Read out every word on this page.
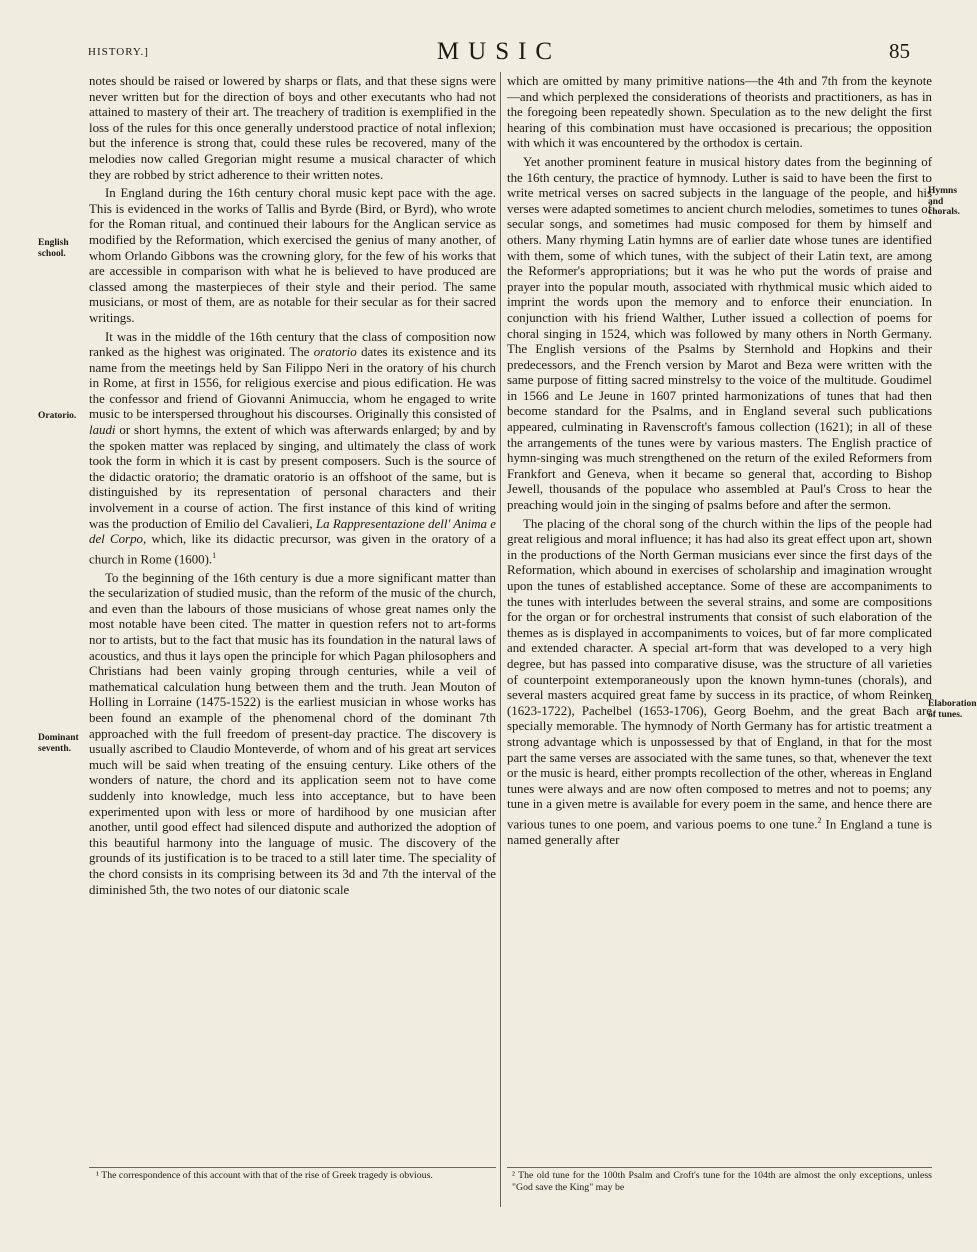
HISTORY.]	MUSIC	85
English school.
Oratorio.
Dominant seventh.
Hymns and chorals.
Elaboration of tunes.

notes should be raised or lowered by sharps or flats, and that these signs were never written but for the direction of boys and other executants who had not attained to mastery of their art. The treachery of tradition is exemplified in the loss of the rules for this once generally understood practice of notal inflexion; but the inference is strong that, could these rules be recovered, many of the melodies now called Gregorian might resume a musical character of which they are robbed by strict adherence to their written notes.

In England during the 16th century choral music kept pace with the age. This is evidenced in the works of Tallis and Byrde (Bird, or Byrd), who wrote for the Roman ritual, and continued their labours for the Anglican service as modified by the Reformation, which exercised the genius of many another, of whom Orlando Gibbons was the crowning glory, for the few of his works that are accessible in comparison with what he is believed to have produced are classed among the masterpieces of their style and their period. The same musicians, or most of them, are as notable for their secular as for their sacred writings.

It was in the middle of the 16th century that the class of composition now ranked as the highest was originated. The oratorio dates its existence and its name from the meetings held by San Filippo Neri in the oratory of his church in Rome, at first in 1556, for religious exercise and pious edification. He was the confessor and friend of Giovanni Animuccia, whom he engaged to write music to be interspersed throughout his discourses. Originally this consisted of laudi or short hymns, the extent of which was afterwards enlarged; by and by the spoken matter was replaced by singing, and ultimately the class of work took the form in which it is cast by present composers. Such is the source of the didactic oratorio; the dramatic oratorio is an offshoot of the same, but is distinguished by its representation of personal characters and their involvement in a course of action. The first instance of this kind of writing was the production of Emilio del Cavalieri, La Rappresentazione dell' Anima e del Corpo, which, like its didactic precursor, was given in the oratory of a church in Rome (1600).$^1$

To the beginning of the 16th century is due a more significant matter than the secularization of studied music, than the reform of the music of the church, and even than the labours of those musicians of whose great names only the most notable have been cited. The matter in question refers not to art-forms nor to artists, but to the fact that music has its foundation in the natural laws of acoustics, and thus it lays open the principle for which Pagan philosophers and Christians had been vainly groping through centuries, while a veil of mathematical calculation hung between them and the truth. Jean Mouton of Holling in Lorraine (1475-1522) is the earliest musician in whose works has been found an example of the phenomenal chord of the dominant 7th approached with the full freedom of present-day practice. The discovery is usually ascribed to Claudio Monteverde, of whom and of his great art services much will be said when treating of the ensuing century. Like others of the wonders of nature, the chord and its application seem not to have come suddenly into knowledge, much less into acceptance, but to have been experimented upon with less or more of hardihood by one musician after another, until good effect had silenced dispute and authorized the adoption of this beautiful harmony into the language of music. The discovery of the grounds of its justification is to be traced to a still later time. The speciality of the chord consists in its comprising between its 3d and 7th the interval of the diminished 5th, the two notes of our diatonic scale

which are omitted by many primitive nations—the 4th and 7th from the keynote—and which perplexed the considerations of theorists and practitioners, as has in the foregoing been repeatedly shown. Speculation as to the new delight the first hearing of this combination must have occasioned is precarious; the opposition with which it was encountered by the orthodox is certain.

Yet another prominent feature in musical history dates from the beginning of the 16th century, the practice of hymnody. Luther is said to have been the first to write metrical verses on sacred subjects in the language of the people, and his verses were adapted sometimes to ancient church melodies, sometimes to tunes of secular songs, and sometimes had music composed for them by himself and others. Many rhyming Latin hymns are of earlier date whose tunes are identified with them, some of which tunes, with the subject of their Latin text, are among the Reformer's appropriations; but it was he who put the words of praise and prayer into the popular mouth, associated with rhythmical music which aided to imprint the words upon the memory and to enforce their enunciation. In conjunction with his friend Walther, Luther issued a collection of poems for choral singing in 1524, which was followed by many others in North Germany. The English versions of the Psalms by Sternhold and Hopkins and their predecessors, and the French version by Marot and Beza were written with the same purpose of fitting sacred minstrelsy to the voice of the multitude. Goudimel in 1566 and Le Jeune in 1607 printed harmonizations of tunes that had then become standard for the Psalms, and in England several such publications appeared, culminating in Ravenscroft's famous collection (1621); in all of these the arrangements of the tunes were by various masters. The English practice of hymn-singing was much strengthened on the return of the exiled Reformers from Frankfort and Geneva, when it became so general that, according to Bishop Jewell, thousands of the populace who assembled at Paul's Cross to hear the preaching would join in the singing of psalms before and after the sermon.

The placing of the choral song of the church within the lips of the people had great religious and moral influence; it has had also its great effect upon art, shown in the productions of the North German musicians ever since the first days of the Reformation, which abound in exercises of scholarship and imagination wrought upon the tunes of established acceptance. Some of these are accompaniments to the tunes with interludes between the several strains, and some are compositions for the organ or for orchestral instruments that consist of such elaboration of the themes as is displayed in accompaniments to voices, but of far more complicated and extended character. A special art-form that was developed to a very high degree, but has passed into comparative disuse, was the structure of all varieties of counterpoint extemporaneously upon the known hymn-tunes (chorals), and several masters acquired great fame by success in its practice, of whom Reinken (1623-1722), Pachelbel (1653-1706), Georg Boehm, and the great Bach are specially memorable. The hymnody of North Germany has for artistic treatment a strong advantage which is unpossessed by that of England, in that for the most part the same verses are associated with the same tunes, so that, whenever the text or the music is heard, either prompts recollection of the other, whereas in England tunes were always and are now often composed to metres and not to poems; any tune in a given metre is available for every poem in the same, and hence there are various tunes to one poem, and various poems to one tune.$^2$ In England a tune is named generally after

¹ The correspondence of this account with that of the rise of Greek tragedy is obvious.	² The old tune for the 100th Psalm and Croft's tune for the 104th are almost the only exceptions, unless "God save the King" may be
